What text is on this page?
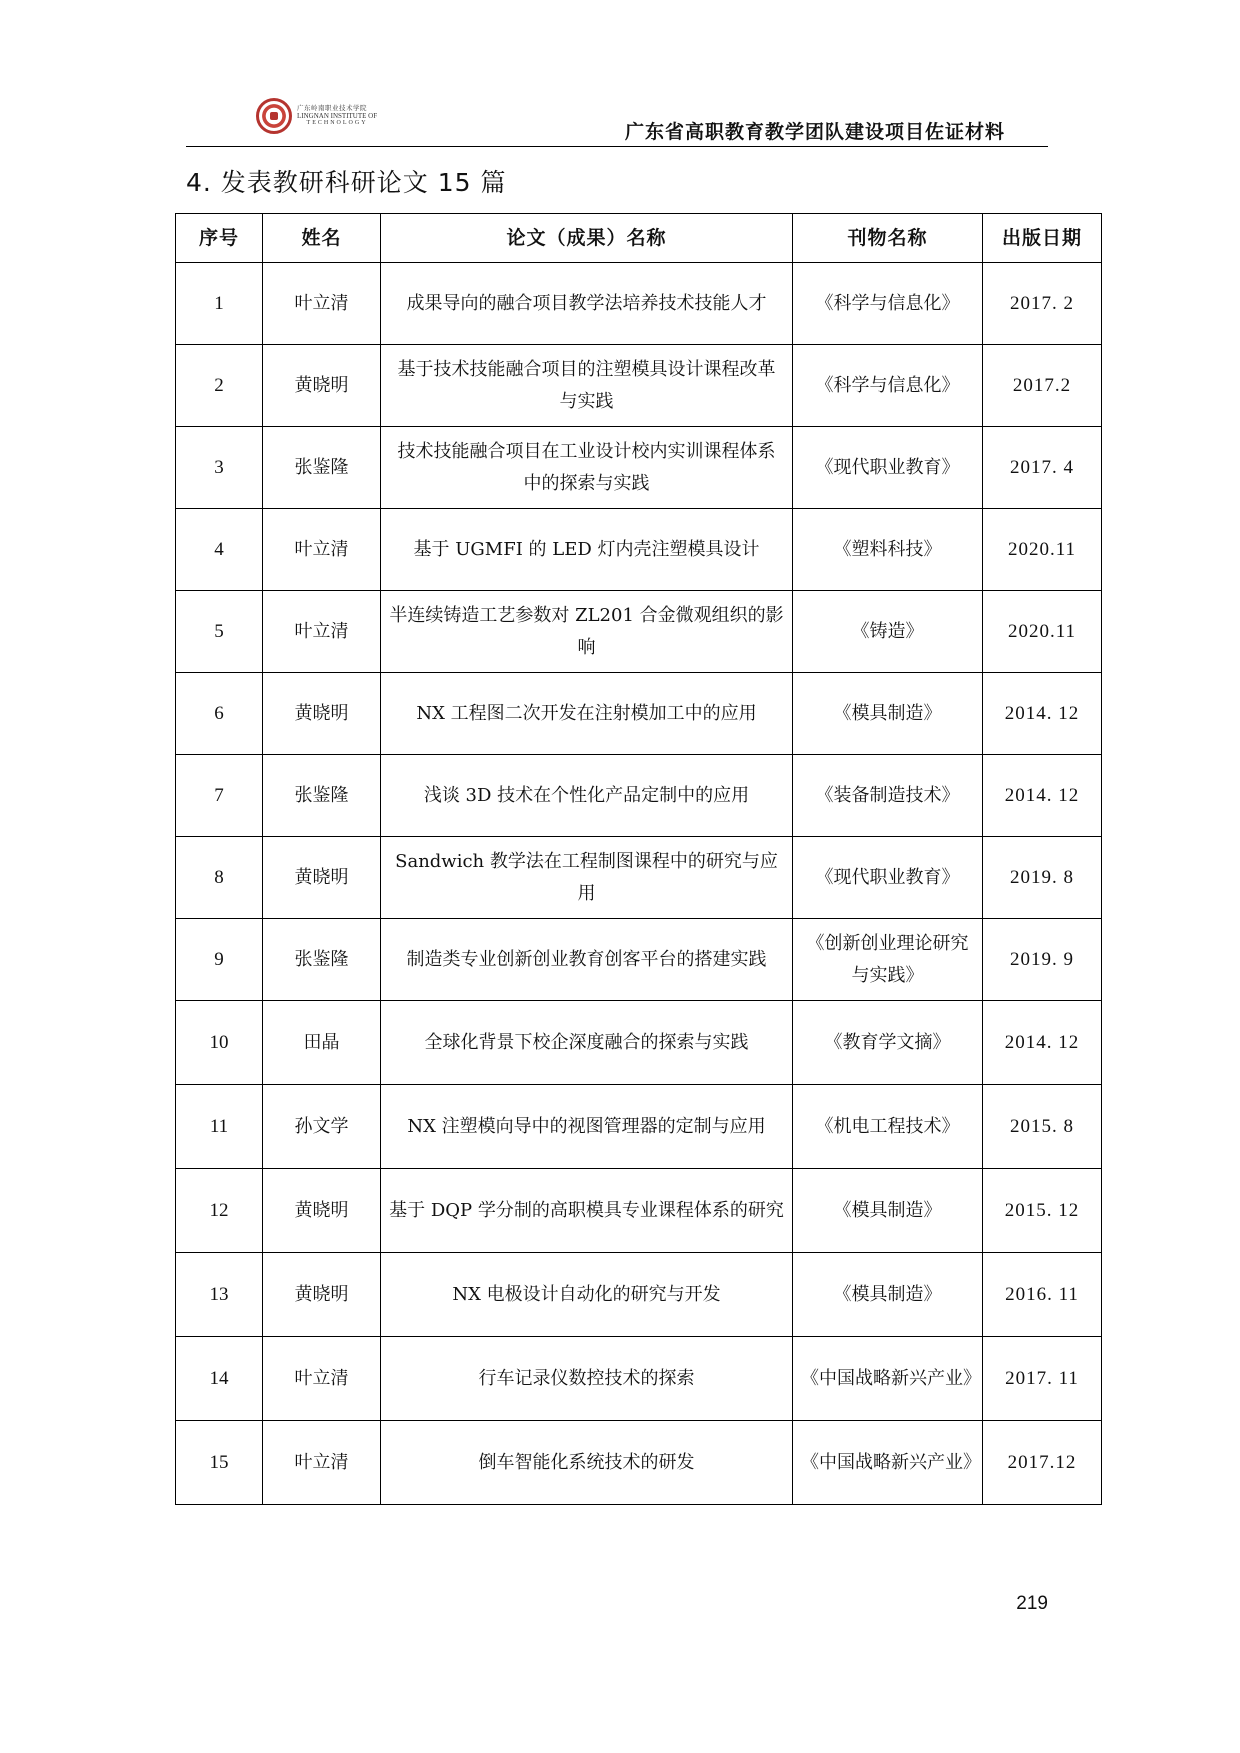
广东岭南职业技术学院
LINGNAN INSTITUTE OF
TECHNOLOGY	广东省高职教育教学团队建设项目佐证材料
4. 发表教研科研论文 15 篇
序号	姓名	论文（成果）名称	刊物名称	出版日期
1	叶立清	成果导向的融合项目教学法培养技术技能人才	《科学与信息化》	2017. 2
2	黄晓明	基于技术技能融合项目的注塑模具设计课程改革与实践	《科学与信息化》	2017.2
3	张鉴隆	技术技能融合项目在工业设计校内实训课程体系中的探索与实践	《现代职业教育》	2017. 4
4	叶立清	基于 UGMFI 的 LED 灯内壳注塑模具设计	《塑料科技》	2020.11
5	叶立清	半连续铸造工艺参数对 ZL201 合金微观组织的影响	《铸造》	2020.11
6	黄晓明	NX 工程图二次开发在注射模加工中的应用	《模具制造》	2014. 12
7	张鉴隆	浅谈 3D 技术在个性化产品定制中的应用	《装备制造技术》	2014. 12
8	黄晓明	Sandwich 教学法在工程制图课程中的研究与应用	《现代职业教育》	2019. 8
9	张鉴隆	制造类专业创新创业教育创客平台的搭建实践	《创新创业理论研究与实践》	2019. 9
10	田晶	全球化背景下校企深度融合的探索与实践	《教育学文摘》	2014. 12
11	孙文学	NX 注塑模向导中的视图管理器的定制与应用	《机电工程技术》	2015. 8
12	黄晓明	基于 DQP 学分制的高职模具专业课程体系的研究	《模具制造》	2015. 12
13	黄晓明	NX 电极设计自动化的研究与开发	《模具制造》	2016. 11
14	叶立清	行车记录仪数控技术的探索	《中国战略新兴产业》	2017. 11
15	叶立清	倒车智能化系统技术的研发	《中国战略新兴产业》	2017.12
219
